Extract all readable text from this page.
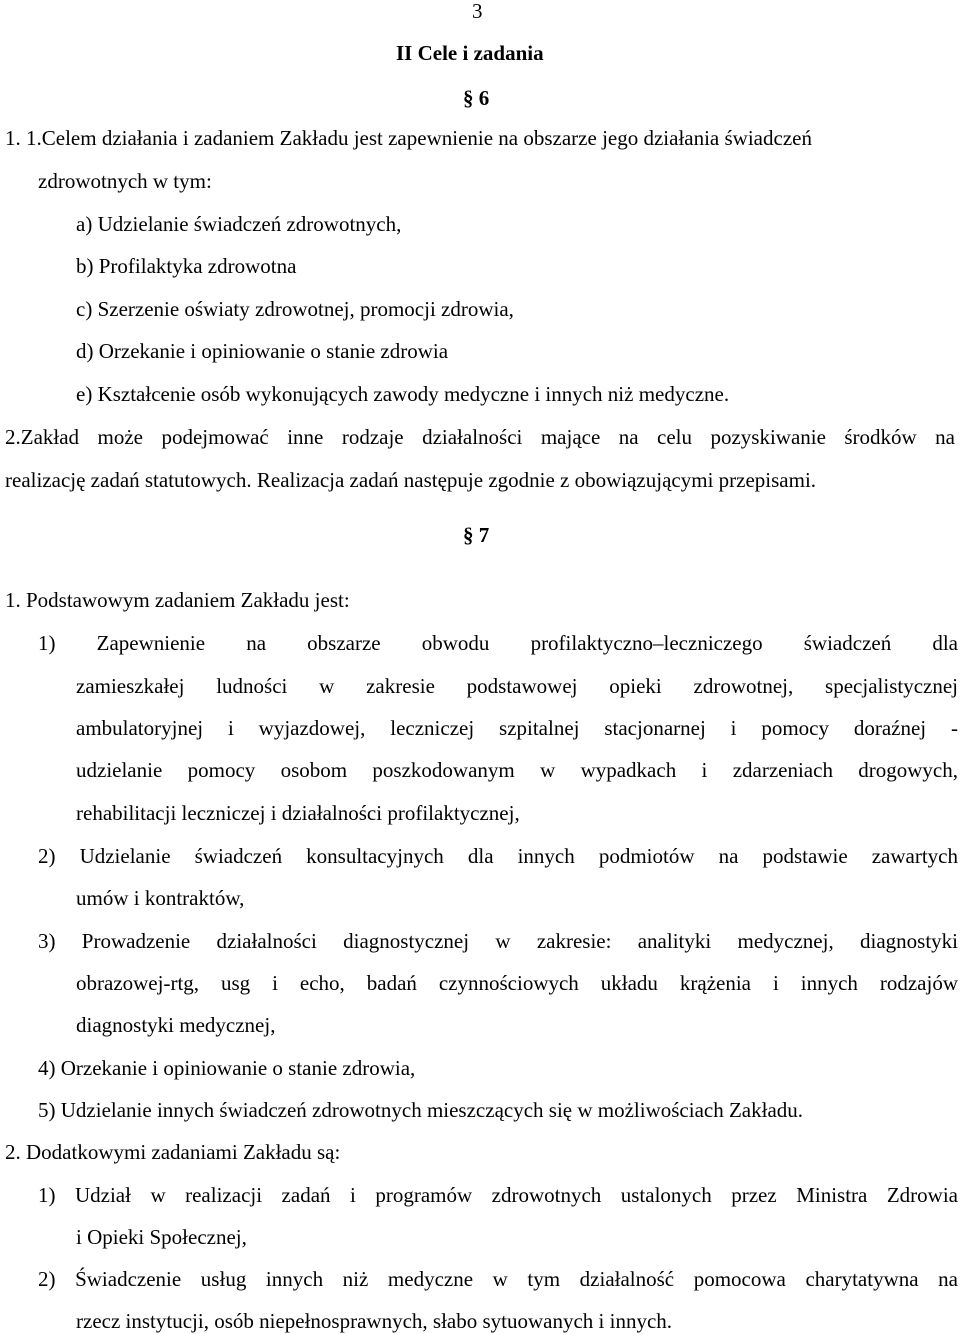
3
II Cele i zadania
§ 6
1. 1.Celem działania i zadaniem Zakładu jest zapewnienie na obszarze jego działania świadczeń
zdrowotnych w tym:
a) Udzielanie świadczeń zdrowotnych,
b) Profilaktyka zdrowotna
c) Szerzenie oświaty zdrowotnej, promocji zdrowia,
d) Orzekanie i opiniowanie o stanie zdrowia
e) Kształcenie osób wykonujących zawody medyczne i innych niż medyczne.
2.Zakład może podejmować inne rodzaje działalności mające na celu pozyskiwanie środków na
realizację zadań statutowych. Realizacja zadań następuje zgodnie z obowiązującymi przepisami.
§ 7
1. Podstawowym zadaniem Zakładu jest:
1) Zapewnienie na obszarze obwodu profilaktyczno–leczniczego świadczeń dla
zamieszkałej ludności w zakresie podstawowej opieki zdrowotnej, specjalistycznej
ambulatoryjnej i wyjazdowej, leczniczej szpitalnej stacjonarnej i pomocy doraźnej -
udzielanie pomocy osobom poszkodowanym w wypadkach i zdarzeniach drogowych,
rehabilitacji leczniczej i działalności profilaktycznej,
2) Udzielanie świadczeń konsultacyjnych dla innych podmiotów na podstawie zawartych
umów i kontraktów,
3) Prowadzenie działalności diagnostycznej w zakresie: analityki medycznej, diagnostyki
obrazowej-rtg, usg i echo, badań czynnościowych układu krążenia i innych rodzajów
diagnostyki medycznej,
4) Orzekanie i opiniowanie o stanie zdrowia,
5) Udzielanie innych świadczeń zdrowotnych mieszczących się w możliwościach Zakładu.
2. Dodatkowymi zadaniami Zakładu są:
1) Udział w realizacji zadań i programów zdrowotnych ustalonych przez Ministra Zdrowia
i Opieki Społecznej,
2) Świadczenie usług innych niż medyczne w tym działalność pomocowa charytatywna na
rzecz instytucji, osób niepełnosprawnych, słabo sytuowanych i innych.
